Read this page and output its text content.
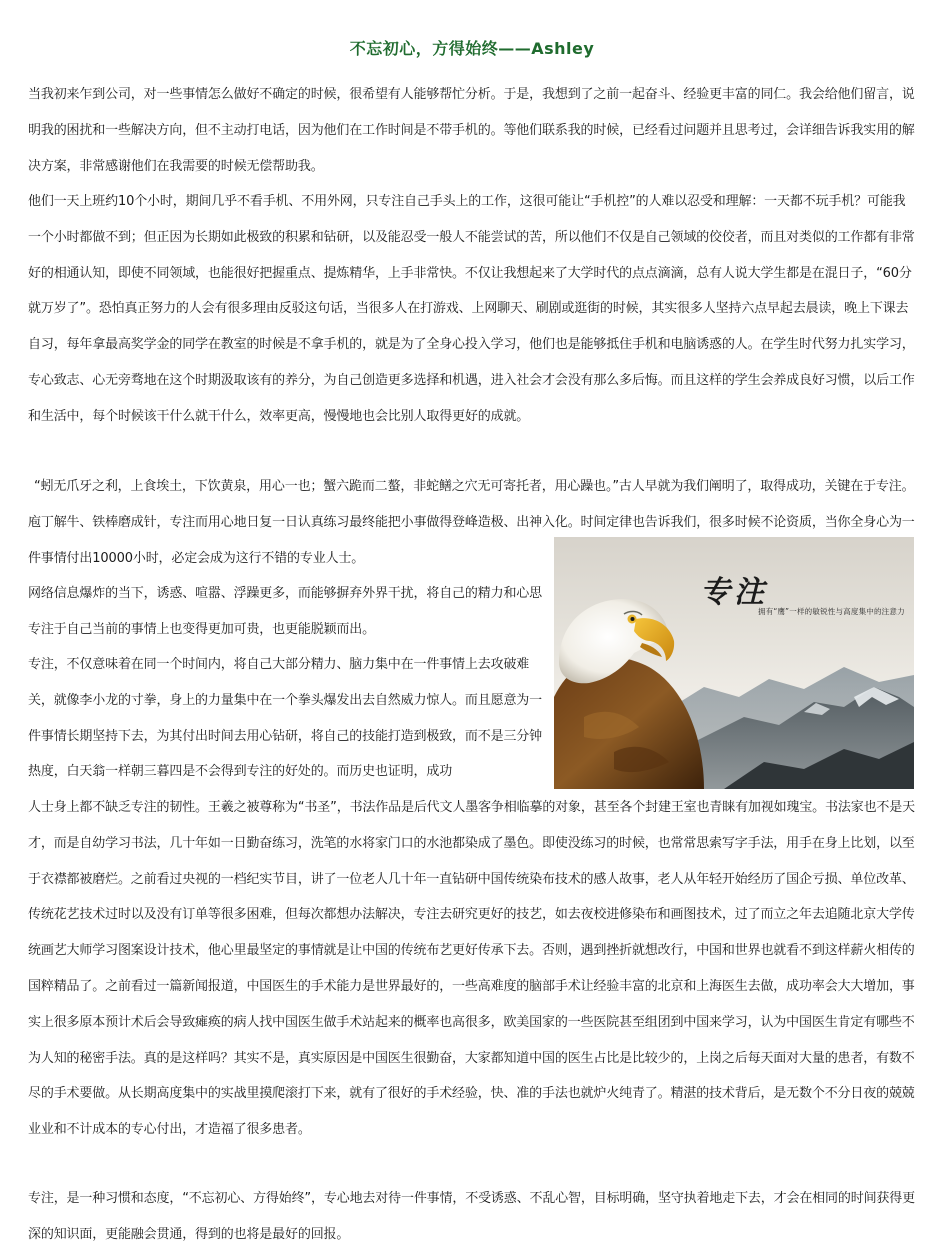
不忘初心，方得始终——Ashley
当我初来乍到公司，对一些事情怎么做好不确定的时候，很希望有人能够帮忙分析。于是，我想到了之前一起奋斗、经验更丰富的同仁。我会给他们留言，说明我的困扰和一些解决方向，但不主动打电话，因为他们在工作时间是不带手机的。等他们联系我的时候，已经看过问题并且思考过，会详细告诉我实用的解决方案，非常感谢他们在我需要的时候无偿帮助我。
他们一天上班约10个小时，期间几乎不看手机、不用外网，只专注自己手头上的工作，这很可能让“手机控”的人难以忍受和理解：一天都不玩手机？可能我一个小时都做不到；但正因为长期如此极致的积累和钻研，以及能忍受一般人不能尝试的苦，所以他们不仅是自己领域的佼佼者，而且对类似的工作都有非常好的相通认知，即使不同领域，也能很好把握重点、提炼精华，上手非常快。不仅让我想起来了大学时代的点点滴滴，总有人说大学生都是在混日子，“60分就万岁了”。恐怕真正努力的人会有很多理由反驳这句话，当很多人在打游戏、上网聊天、刷剧或逛街的时候，其实很多人坚持六点早起去晨读，晚上下课去自习，每年拿最高奖学金的同学在教室的时候是不拿手机的，就是为了全身心投入学习，他们也是能够抵住手机和电脑诱惑的人。在学生时代努力扎实学习，专心致志、心无旁骛地在这个时期汲取该有的养分，为自己创造更多选择和机遇，进入社会才会没有那么多后悔。而且这样的学生会养成良好习惯，以后工作和生活中，每个时候该干什么就干什么，效率更高，慢慢地也会比别人取得更好的成就。
“蚓无爪牙之利，上食埃土，下饮黄泉，用心一也；蟹六跪而二螯，非蛇鳝之穴无可寄托者，用心躁也。”古人早就为我们阐明了，取得成功，关键在于专注。庖丁解牛、铁棒磨成针，专注而用心地日复一日认真练习最终能把小事做得登峰造极、出神入化。时间定律也告诉我们，很多时候不论资质，当你全身心为一件事情付出10000小时，必定会成为这行不错的专业人士。
网络信息爆炸的当下，诱惑、喧嚣、浮躁更多，而能够摒弃外界干扰，将自己的精力和心思专注于自己当前的事情上也变得更加可贵，也更能脱颖而出。
专注，不仅意味着在同一个时间内，将自己大部分精力、脑力集中在一件事情上去攻破难关，就像李小龙的寸拳，身上的力量集中在一个拳头爆发出去自然威力惊人。而且愿意为一件事情长期坚持下去，为其付出时间去用心钻研，将自己的技能打造到极致，而不是三分钟热度，白天翁一样朝三暮四是不会得到专注的好处的。而历史也证明，成功
人士身上都不缺乏专注的韧性。王羲之被尊称为“书圣”，书法作品是后代文人墨客争相临摹的对象，甚至各个封建王室也青睐有加视如瑰宝。书法家也不是天才，而是自幼学习书法，几十年如一日勤奋练习，洗笔的水将家门口的水池都染成了墨色。即使没练习的时候，也常常思索写字手法，用手在身上比划，以至于衣襟都被磨烂。之前看过央视的一档纪实节目，讲了一位老人几十年一直钻研中国传统染布技术的感人故事，老人从年轻开始经历了国企亏损、单位改革、传统花艺技术过时以及没有订单等很多困难，但每次都想办法解决，专注去研究更好的技艺，如去夜校进修染布和画图技术，过了而立之年去追随北京大学传统画艺大师学习图案设计技术，他心里最坚定的事情就是让中国的传统布艺更好传承下去。否则，遇到挫折就想改行，中国和世界也就看不到这样薪火相传的国粹精品了。之前看过一篇新闻报道，中国医生的手术能力是世界最好的，一些高难度的脑部手术让经验丰富的北京和上海医生去做，成功率会大大增加，事实上很多原本预计术后会导致瘫痪的病人找中国医生做手术站起来的概率也高很多，欧美国家的一些医院甚至组团到中国来学习，认为中国医生肯定有哪些不为人知的秘密手法。真的是这样吗？其实不是，真实原因是中国医生很勤奋，大家都知道中国的医生占比是比较少的，上岗之后每天面对大量的患者，有数不尽的手术要做。从长期高度集中的实战里摸爬滚打下来，就有了很好的手术经验，快、准的手法也就炉火纯青了。精湛的技术背后，是无数个不分日夜的兢兢业业和不计成本的专心付出，才造福了很多患者。
专注，是一种习惯和态度，“不忘初心、方得始终”，专心地去对待一件事情，不受诱惑、不乱心智，目标明确，坚守执着地走下去，才会在相同的时间获得更深的知识面，更能融会贯通，得到的也将是最好的回报。
专注
拥有“鹰”一样的敏锐性与高度集中的注意力
